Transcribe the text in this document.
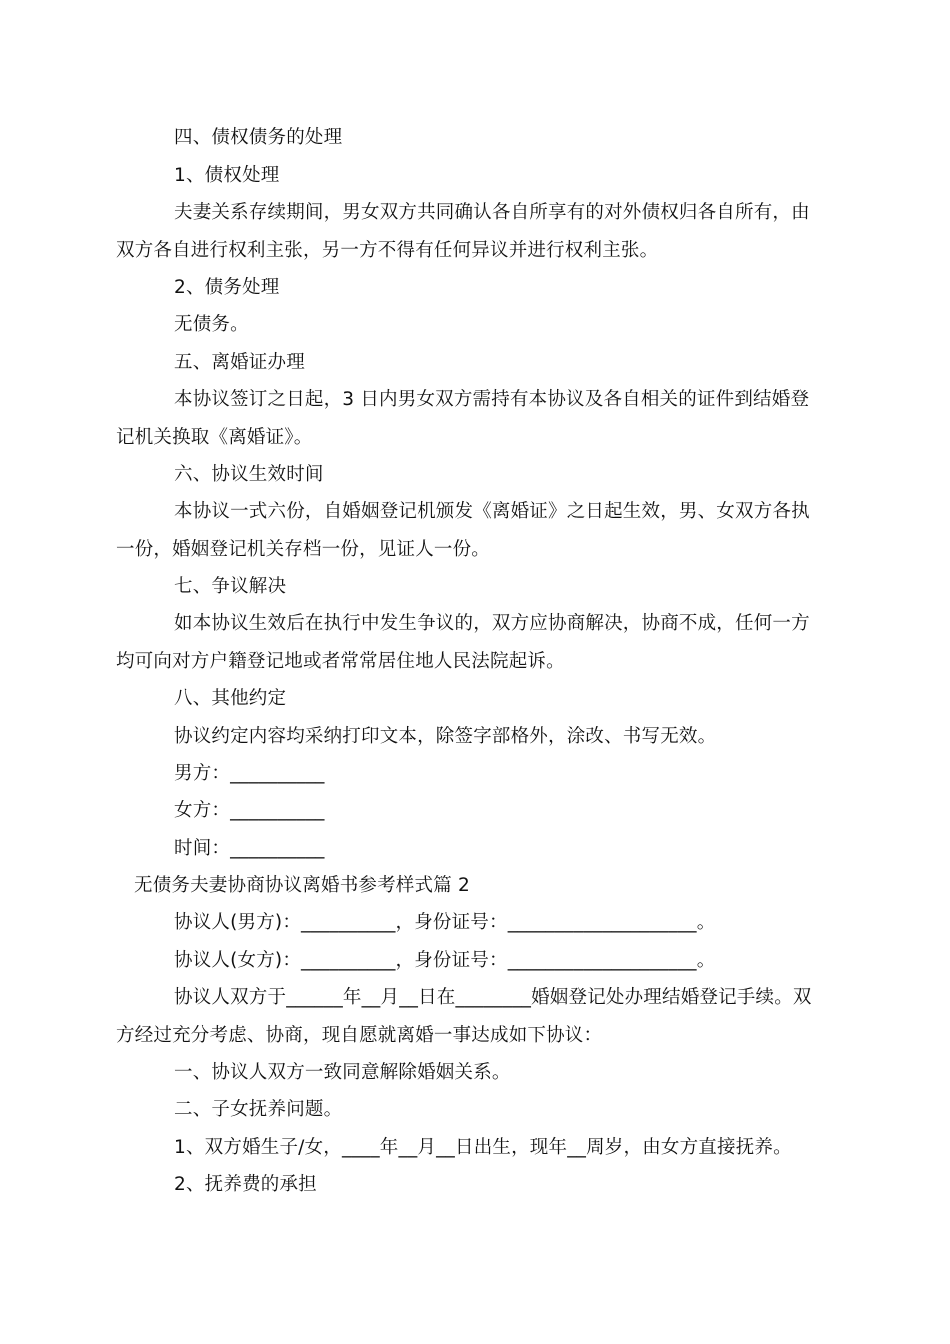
四、债权债务的处理
1、债权处理
夫妻关系存续期间，男女双方共同确认各自所享有的对外债权归各自所有，由
双方各自进行权利主张，另一方不得有任何异议并进行权利主张。
2、债务处理
无债务。
五、离婚证办理
本协议签订之日起，3 日内男女双方需持有本协议及各自相关的证件到结婚登
记机关换取《离婚证》。
六、协议生效时间
本协议一式六份，自婚姻登记机颁发《离婚证》之日起生效，男、女双方各执
一份，婚姻登记机关存档一份，见证人一份。
七、争议解决
如本协议生效后在执行中发生争议的，双方应协商解决，协商不成，任何一方
均可向对方户籍登记地或者常常居住地人民法院起诉。
八、其他约定
协议约定内容均采纳打印文本，除签字部格外，涂改、书写无效。
男方：__________
女方：__________
时间：__________
无债务夫妻协商协议离婚书参考样式篇 2
协议人(男方)：__________，身份证号：____________________。
协议人(女方)：__________，身份证号：____________________。
协议人双方于______年__月__日在________婚姻登记处办理结婚登记手续。双
方经过充分考虑、协商，现自愿就离婚一事达成如下协议：
一、协议人双方一致同意解除婚姻关系。
二、子女抚养问题。
1、双方婚生子/女，____年__月__日出生，现年__周岁，由女方直接抚养。
2、抚养费的承担
